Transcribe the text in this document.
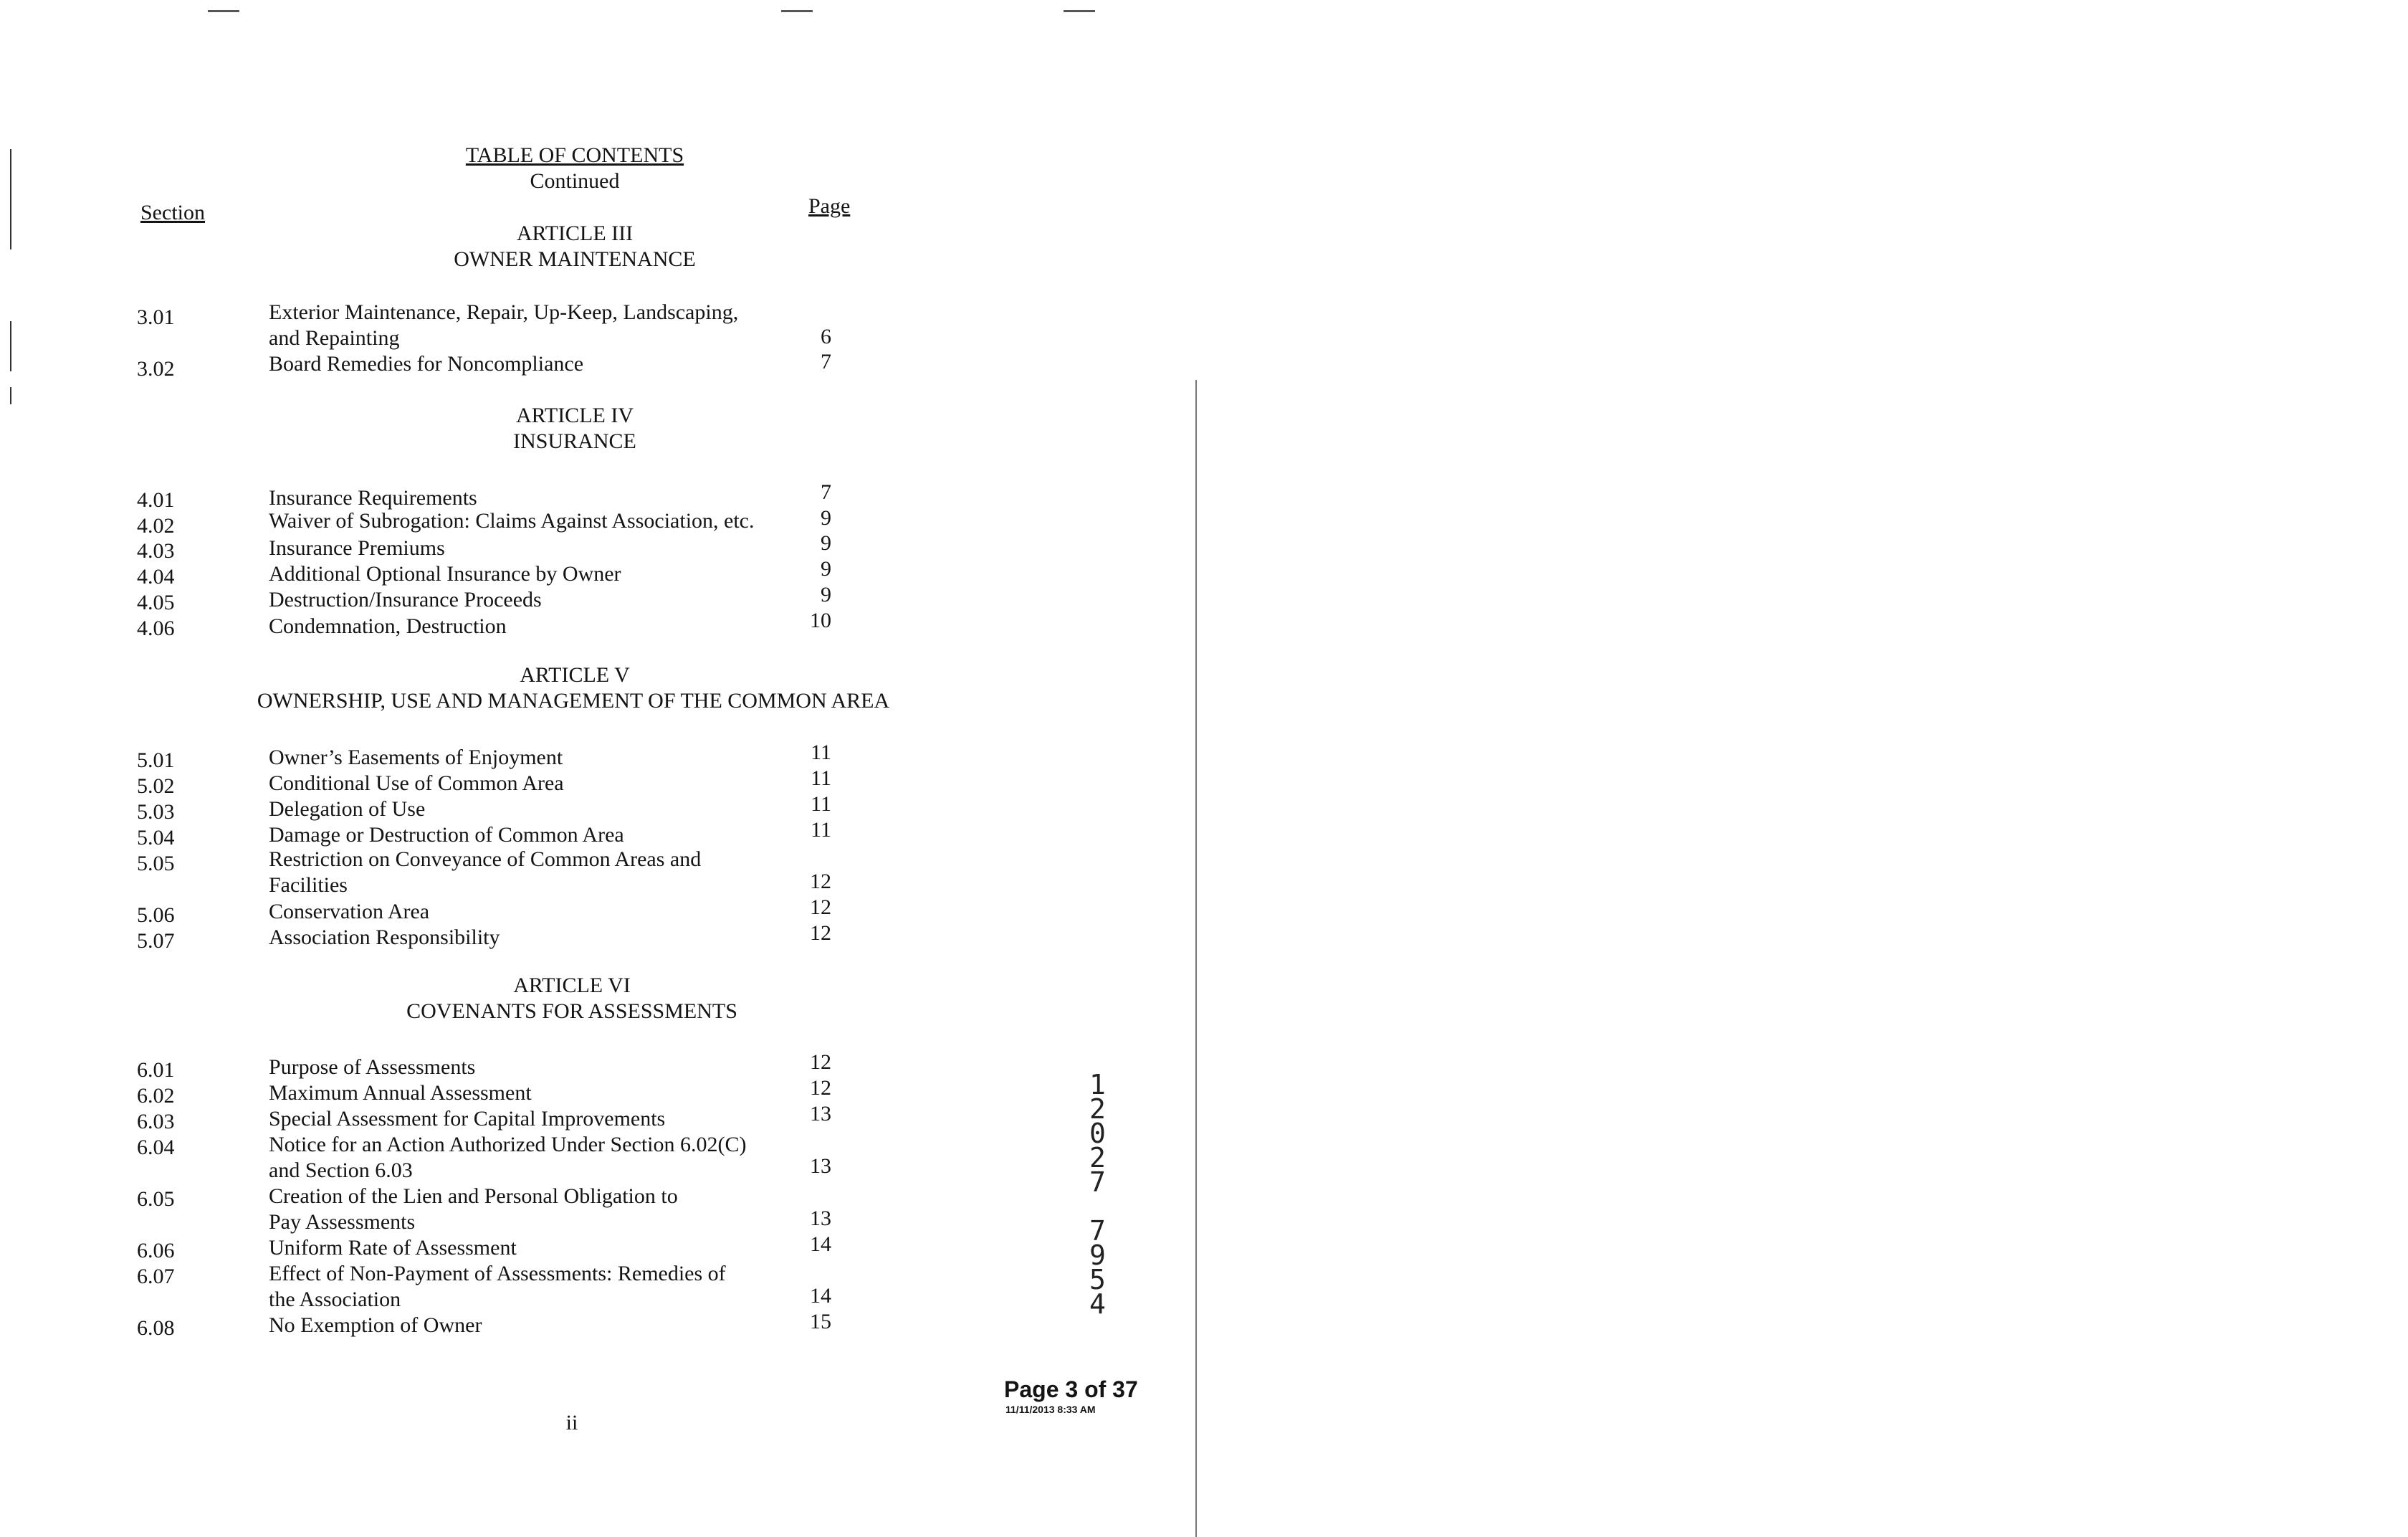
TABLE OF CONTENTS
Continued
Section	Page
ARTICLE III
OWNER MAINTENANCE
3.01	Exterior Maintenance, Repair, Up-Keep, Landscaping,
and Repainting	6
3.02	Board Remedies for Noncompliance	7
ARTICLE IV
INSURANCE
4.01	Insurance Requirements	7
4.02	Waiver of Subrogation: Claims Against Association, etc.	9
4.03	Insurance Premiums	9
4.04	Additional Optional Insurance by Owner	9
4.05	Destruction/Insurance Proceeds	9
4.06	Condemnation, Destruction	10
ARTICLE V
OWNERSHIP, USE AND MANAGEMENT OF THE COMMON AREA
5.01	Owner’s Easements of Enjoyment	11
5.02	Conditional Use of Common Area	11
5.03	Delegation of Use	11
5.04	Damage or Destruction of Common Area	11
5.05	Restriction on Conveyance of Common Areas and
Facilities	12
5.06	Conservation Area	12
5.07	Association Responsibility	12
ARTICLE VI
COVENANTS FOR ASSESSMENTS
6.01	Purpose of Assessments	12
6.02	Maximum Annual Assessment	12
6.03	Special Assessment for Capital Improvements	13
6.04	Notice for an Action Authorized Under Section 6.02(C)
and Section 6.03	13
6.05	Creation of the Lien and Personal Obligation to
Pay Assessments	13
6.06	Uniform Rate of Assessment	14
6.07	Effect of Non-Payment of Assessments: Remedies of
the Association	14
6.08	No Exemption of Owner	15
1
2
0
2
7
7
9
5
4
Page 3 of 37
11/11/2013 8:33 AM
ii
